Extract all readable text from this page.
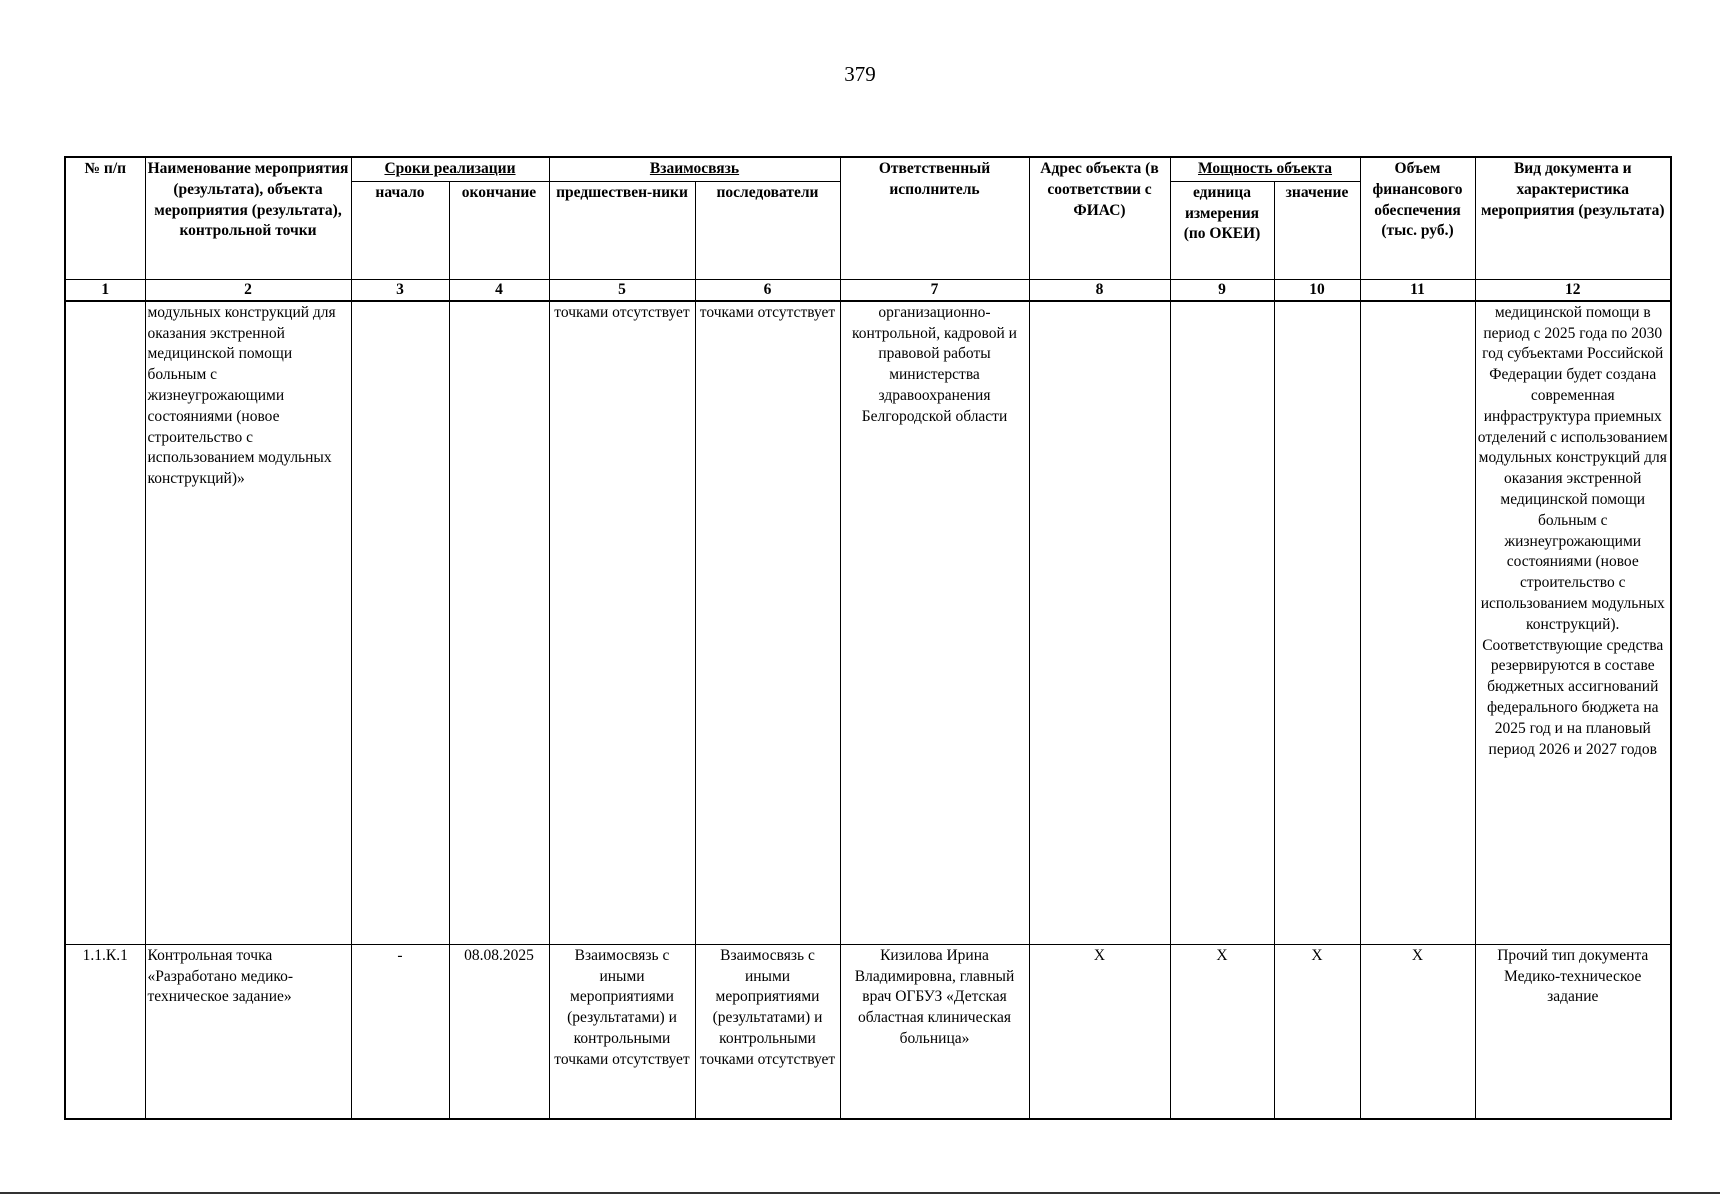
379
№ п/п	Наименование мероприятия (результата), объекта мероприятия (результата), контрольной точки	Сроки реализации		Взаимосвязь		Ответственный исполнитель	Адрес объекта (в соответствии с ФИАС)	Мощность объекта		Объем финансового обеспечения (тыс. руб.)	Вид документа и характеристика мероприятия (результата)
		начало	окончание	предшествен-ники	последователи			единица измерения (по ОКЕИ)	значение		
1	2	3	4	5	6	7	8	9	10	11	12
	модульных конструкций для оказания экстренной медицинской помощи больным с жизнеугрожающими состояниями (новое строительство с использованием модульных конструкций)»			точками отсутствует	точками отсутствует	организационно-контрольной, кадровой и правовой работы министерства здравоохранения Белгородской области					медицинской помощи в период с 2025 года по 2030 год субъектами Российской Федерации будет создана современная инфраструктура приемных отделений с использованием модульных конструкций для оказания экстренной медицинской помощи больным с жизнеугрожающими состояниями (новое строительство с использованием модульных конструкций). Соответствующие средства резервируются в составе бюджетных ассигнований федерального бюджета на 2025 год и на плановый период 2026 и 2027 годов
1.1.К.1	Контрольная точка «Разработано медико-техническое задание»	-	08.08.2025	Взаимосвязь с иными мероприятиями (результатами) и контрольными точками отсутствует	Взаимосвязь с иными мероприятиями (результатами) и контрольными точками отсутствует	Кизилова Ирина Владимировна, главный врач ОГБУЗ «Детская областная клиническая больница»	X	X	X	X	Прочий тип документа Медико-техническое задание
